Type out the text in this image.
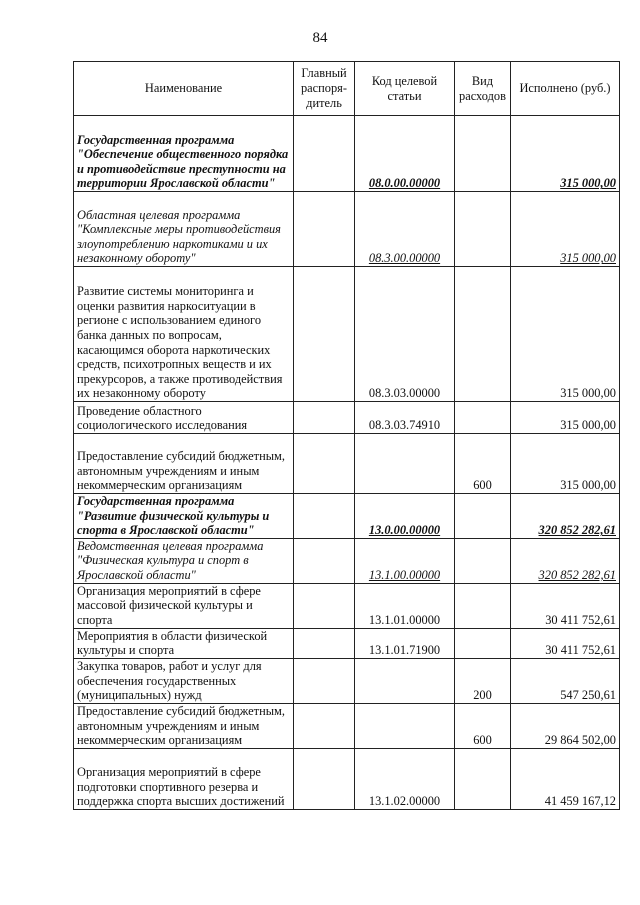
84
Наименование	Главный распоря-дитель	Код целевой статьи	Вид расходов	Исполнено (руб.)
Государственная программа "Обеспечение общественного порядка и противодействие преступности на территории Ярославской области"		08.0.00.00000		315 000,00
Областная целевая программа "Комплексные меры противодействия злоупотреблению наркотиками и их незаконному обороту"		08.3.00.00000		315 000,00
Развитие системы мониторинга и оценки развития наркоситуации в регионе с использованием единого банка данных по вопросам, касающимся оборота наркотических средств, психотропных веществ и их прекурсоров, а также противодействия их незаконному обороту		08.3.03.00000		315 000,00
Проведение областного социологического исследования		08.3.03.74910		315 000,00
Предоставление субсидий бюджетным, автономным учреждениям и иным некоммерческим организациям			600	315 000,00
Государственная программа "Развитие физической культуры и спорта в Ярославской области"		13.0.00.00000		320 852 282,61
Ведомственная целевая программа "Физическая культура и спорт в Ярославской области"		13.1.00.00000		320 852 282,61
Организация мероприятий в сфере массовой физической культуры и спорта		13.1.01.00000		30 411 752,61
Мероприятия в области физической культуры и спорта		13.1.01.71900		30 411 752,61
Закупка товаров, работ и услуг для обеспечения государственных (муниципальных) нужд			200	547 250,61
Предоставление субсидий бюджетным, автономным учреждениям и иным некоммерческим организациям			600	29 864 502,00
Организация мероприятий в сфере подготовки спортивного резерва и поддержка спорта высших достижений		13.1.02.00000		41 459 167,12
